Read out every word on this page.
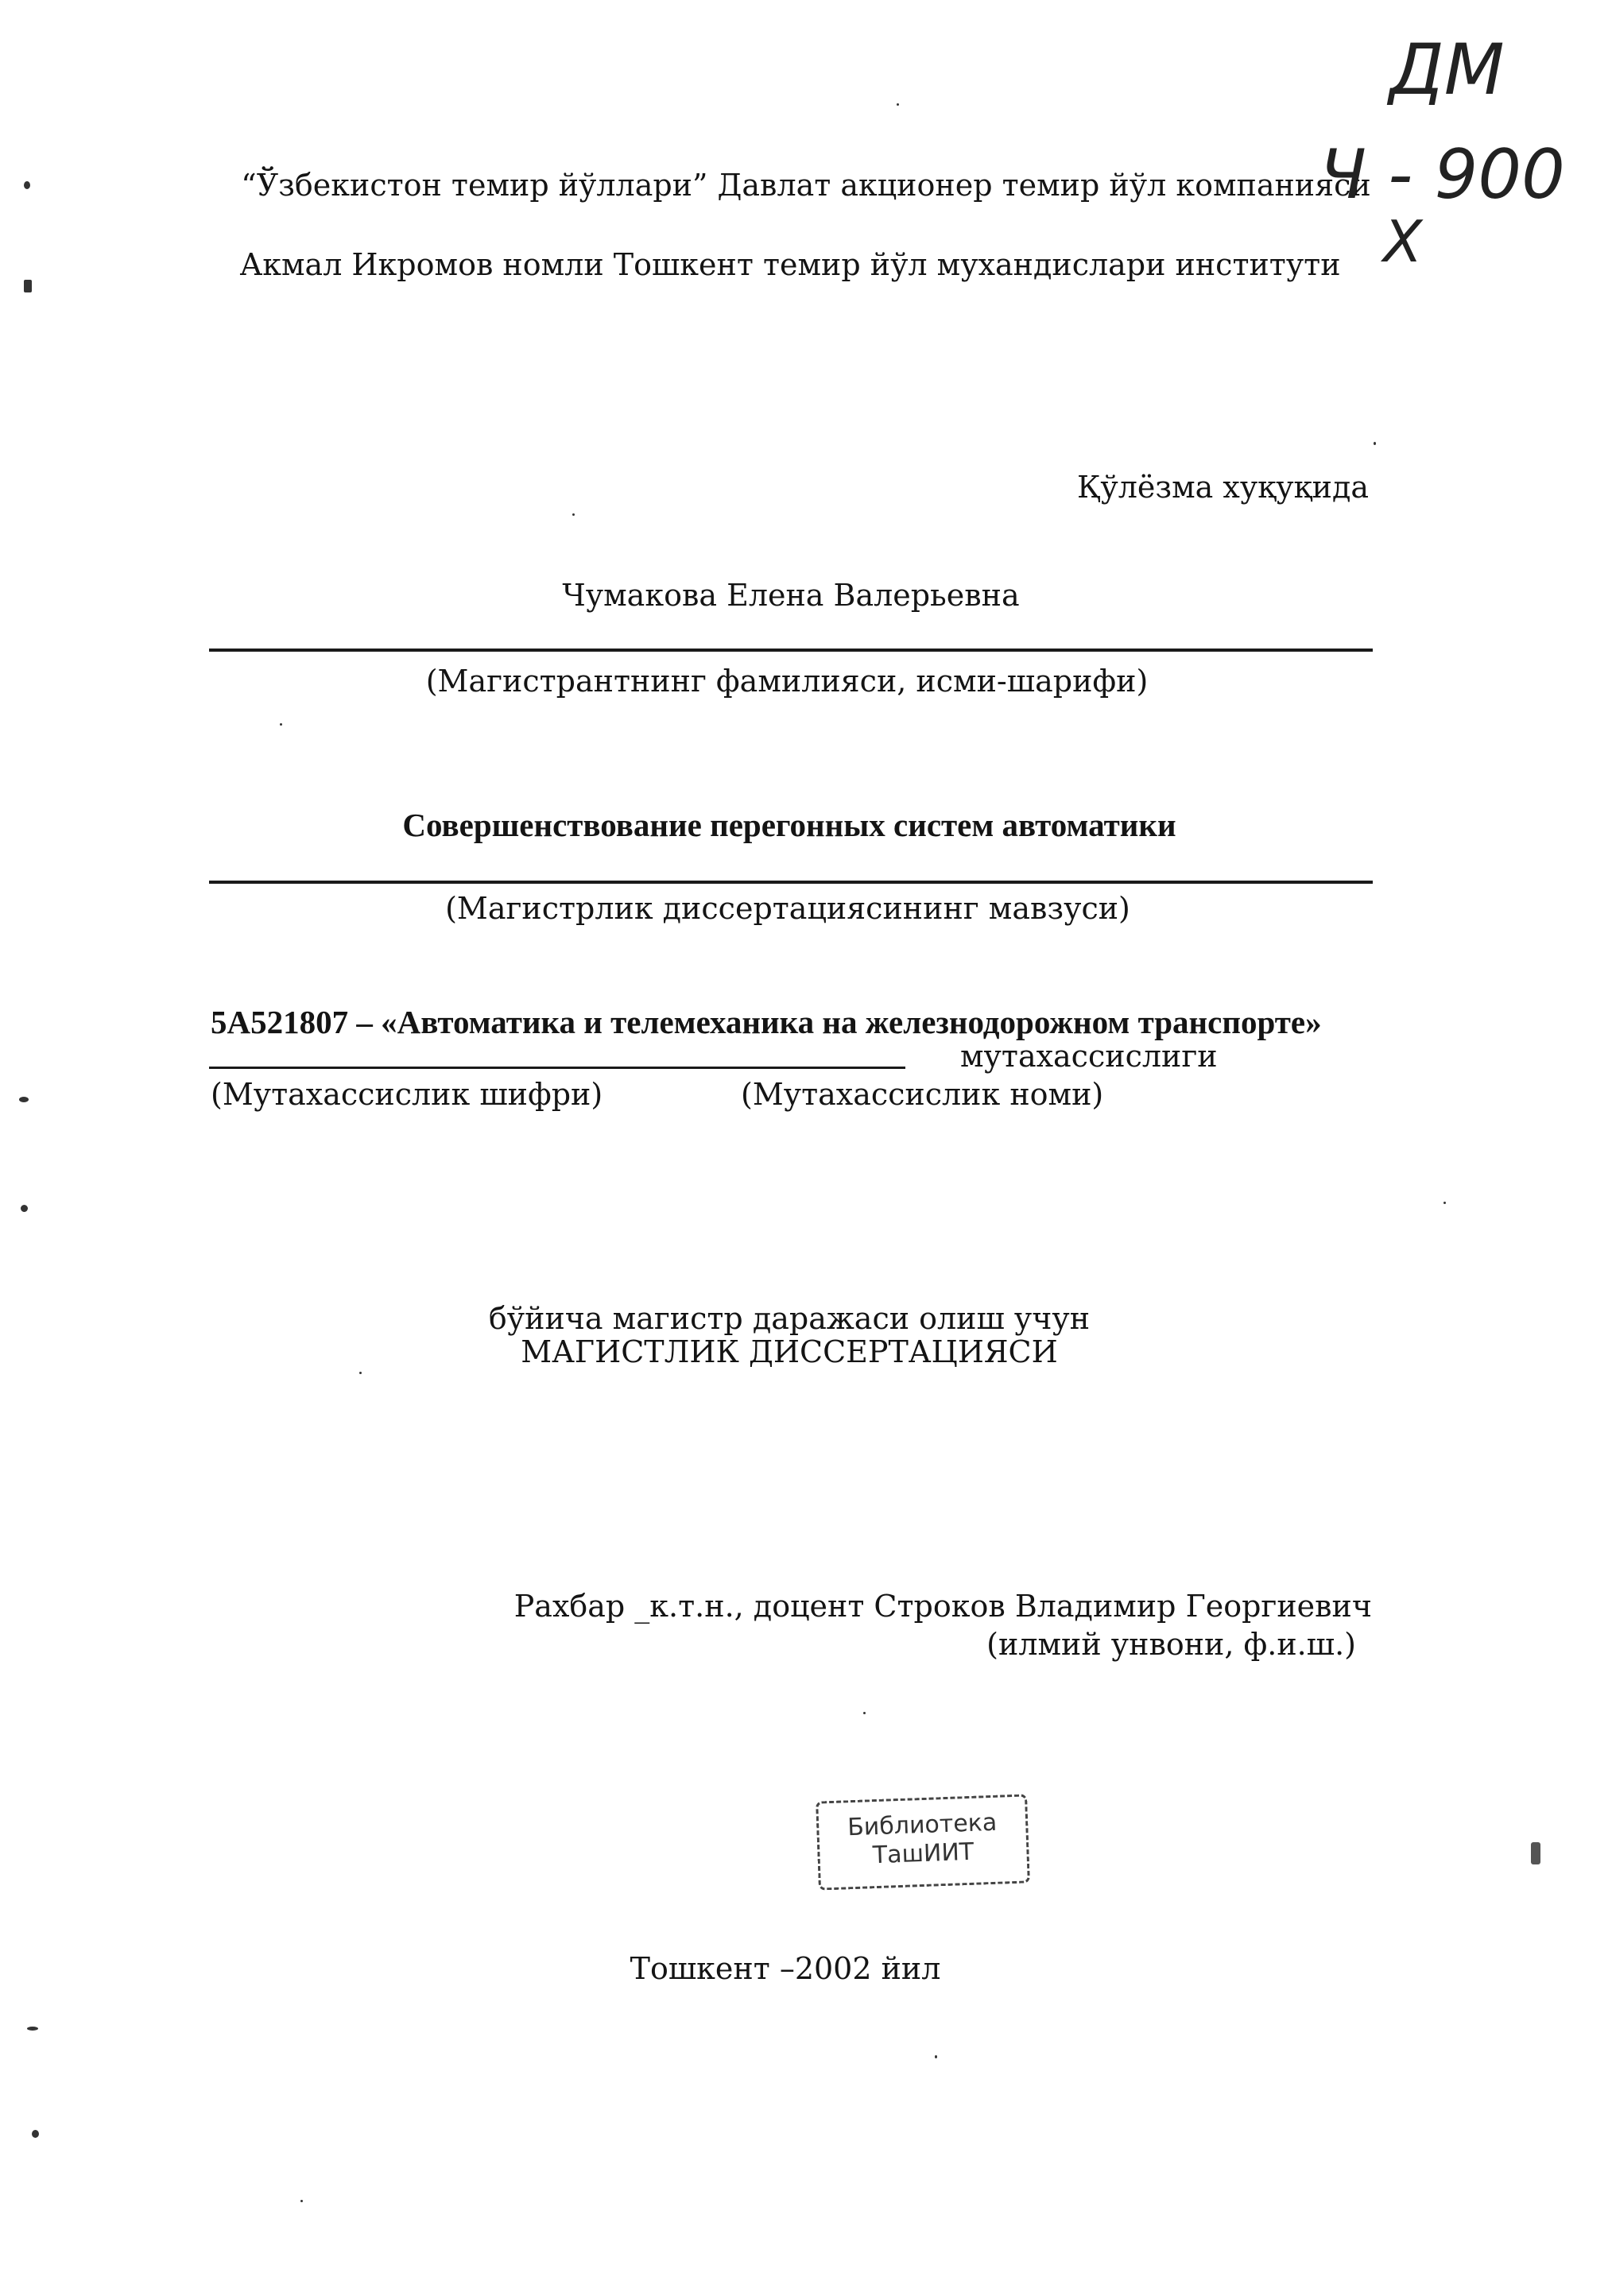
“Ўзбекистон темир йўллари” Давлат акционер темир йўл компанияси
Акмал Икромов номли Тошкент темир йўл мухандислари институти
ДМ
Ч - 900
Х
Қўлёзма хуқуқида
Чумакова Елена Валерьевна
(Магистрантнинг фамилияси, исми-шарифи)
Совершенствование перегонных систем автоматики
(Магистрлик диссертациясининг мавзуси)
5А521807 – «Автоматика и телемеханика на железнодорожном транспорте»
мутахассислиги
(Мутахассислик шифри)	(Мутахассислик номи)
бўйича магистр даражаси олиш учун
МАГИСТЛИК ДИССЕРТАЦИЯСИ
Рахбар _к.т.н., доцент Строков Владимир Георгиевич
(илмий унвони, ф.и.ш.)
Библиотека
ТашИИТ
Тошкент –2002 йил
